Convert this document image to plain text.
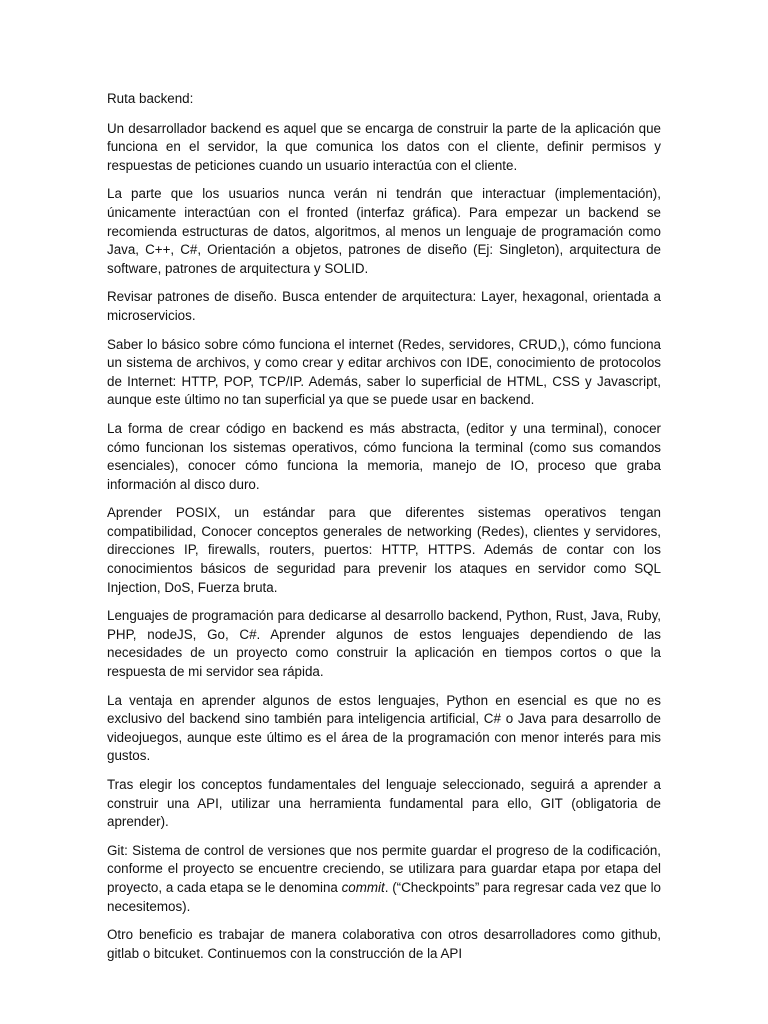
Ruta backend:

Un desarrollador backend es aquel que se encarga de construir la parte de la aplicación que funciona en el servidor, la que comunica los datos con el cliente, definir permisos y respuestas de peticiones cuando un usuario interactúa con el cliente.

La parte que los usuarios nunca verán ni tendrán que interactuar (implementación), únicamente interactúan con el fronted (interfaz gráfica). Para empezar un backend se recomienda estructuras de datos, algoritmos, al menos un lenguaje de programación como Java, C++, C#, Orientación a objetos, patrones de diseño (Ej: Singleton), arquitectura de software, patrones de arquitectura y SOLID.

Revisar patrones de diseño. Busca entender de arquitectura: Layer, hexagonal, orientada a microservicios.

Saber lo básico sobre cómo funciona el internet (Redes, servidores, CRUD,), cómo funciona un sistema de archivos, y como crear y editar archivos con IDE, conocimiento de protocolos de Internet: HTTP, POP, TCP/IP. Además, saber lo superficial de HTML, CSS y Javascript, aunque este último no tan superficial ya que se puede usar en backend.

La forma de crear código en backend es más abstracta, (editor y una terminal), conocer cómo funcionan los sistemas operativos, cómo funciona la terminal (como sus comandos esenciales), conocer cómo funciona la memoria, manejo de IO, proceso que graba información al disco duro.

Aprender POSIX, un estándar para que diferentes sistemas operativos tengan compatibilidad, Conocer conceptos generales de networking (Redes), clientes y servidores, direcciones IP, firewalls, routers, puertos: HTTP, HTTPS. Además de contar con los conocimientos básicos de seguridad para prevenir los ataques en servidor como SQL Injection, DoS, Fuerza bruta.

Lenguajes de programación para dedicarse al desarrollo backend, Python, Rust, Java, Ruby, PHP, nodeJS, Go, C#. Aprender algunos de estos lenguajes dependiendo de las necesidades de un proyecto como construir la aplicación en tiempos cortos o que la respuesta de mi servidor sea rápida.

La ventaja en aprender algunos de estos lenguajes, Python en esencial es que no es exclusivo del backend sino también para inteligencia artificial, C# o Java para desarrollo de videojuegos, aunque este último es el área de la programación con menor interés para mis gustos.

Tras elegir los conceptos fundamentales del lenguaje seleccionado, seguirá a aprender a construir una API, utilizar una herramienta fundamental para ello, GIT (obligatoria de aprender).

Git: Sistema de control de versiones que nos permite guardar el progreso de la codificación, conforme el proyecto se encuentre creciendo, se utilizara para guardar etapa por etapa del proyecto, a cada etapa se le denomina commit. (“Checkpoints” para regresar cada vez que lo necesitemos).

Otro beneficio es trabajar de manera colaborativa con otros desarrolladores como github, gitlab o bitcuket. Continuemos con la construcción de la API
